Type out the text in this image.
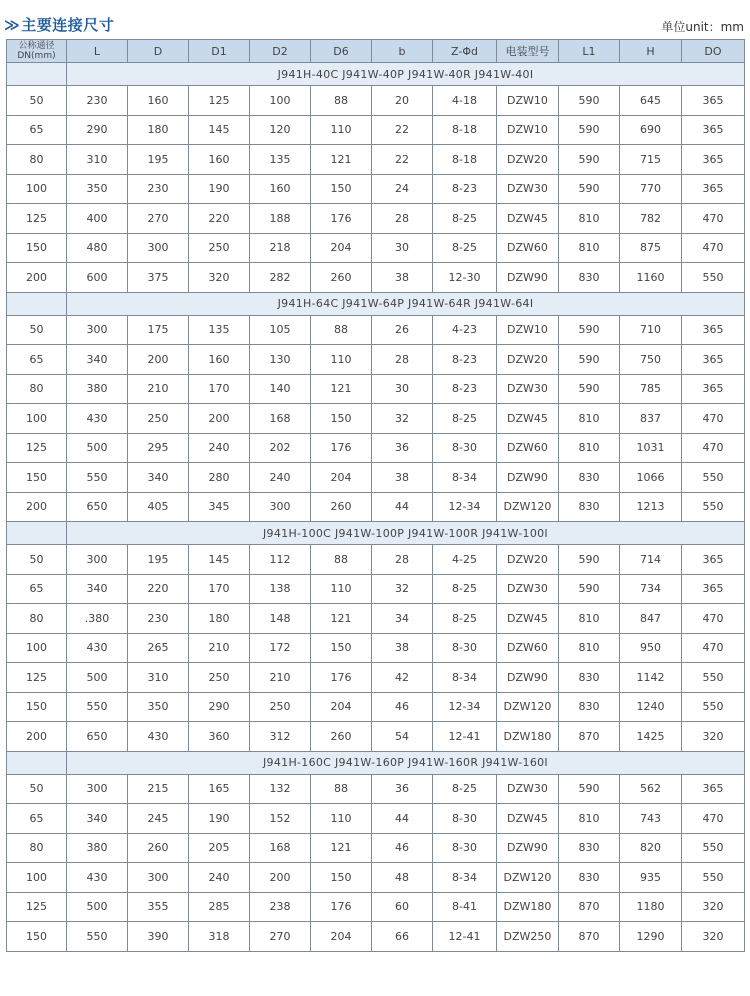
≫主要连接尺寸	单位unit：mm
公称通径 DN(mm)	L	D	D1	D2	D6	b	Z-Φd	电装型号	L1	H	DO
	J941H-40C J941W-40P J941W-40R J941W-40I										
50	230	160	125	100	88	20	4-18	DZW10	590	645	365
65	290	180	145	120	110	22	8-18	DZW10	590	690	365
80	310	195	160	135	121	22	8-18	DZW20	590	715	365
100	350	230	190	160	150	24	8-23	DZW30	590	770	365
125	400	270	220	188	176	28	8-25	DZW45	810	782	470
150	480	300	250	218	204	30	8-25	DZW60	810	875	470
200	600	375	320	282	260	38	12-30	DZW90	830	1160	550
	J941H-64C J941W-64P J941W-64R J941W-64I										
50	300	175	135	105	88	26	4-23	DZW10	590	710	365
65	340	200	160	130	110	28	8-23	DZW20	590	750	365
80	380	210	170	140	121	30	8-23	DZW30	590	785	365
100	430	250	200	168	150	32	8-25	DZW45	810	837	470
125	500	295	240	202	176	36	8-30	DZW60	810	1031	470
150	550	340	280	240	204	38	8-34	DZW90	830	1066	550
200	650	405	345	300	260	44	12-34	DZW120	830	1213	550
	J941H-100C J941W-100P J941W-100R J941W-100I										
50	300	195	145	112	88	28	4-25	DZW20	590	714	365
65	340	220	170	138	110	32	8-25	DZW30	590	734	365
80	.380	230	180	148	121	34	8-25	DZW45	810	847	470
100	430	265	210	172	150	38	8-30	DZW60	810	950	470
125	500	310	250	210	176	42	8-34	DZW90	830	1142	550
150	550	350	290	250	204	46	12-34	DZW120	830	1240	550
200	650	430	360	312	260	54	12-41	DZW180	870	1425	320
	J941H-160C J941W-160P J941W-160R J941W-160I										
50	300	215	165	132	88	36	8-25	DZW30	590	562	365
65	340	245	190	152	110	44	8-30	DZW45	810	743	470
80	380	260	205	168	121	46	8-30	DZW90	830	820	550
100	430	300	240	200	150	48	8-34	DZW120	830	935	550
125	500	355	285	238	176	60	8-41	DZW180	870	1180	320
150	550	390	318	270	204	66	12-41	DZW250	870	1290	320
